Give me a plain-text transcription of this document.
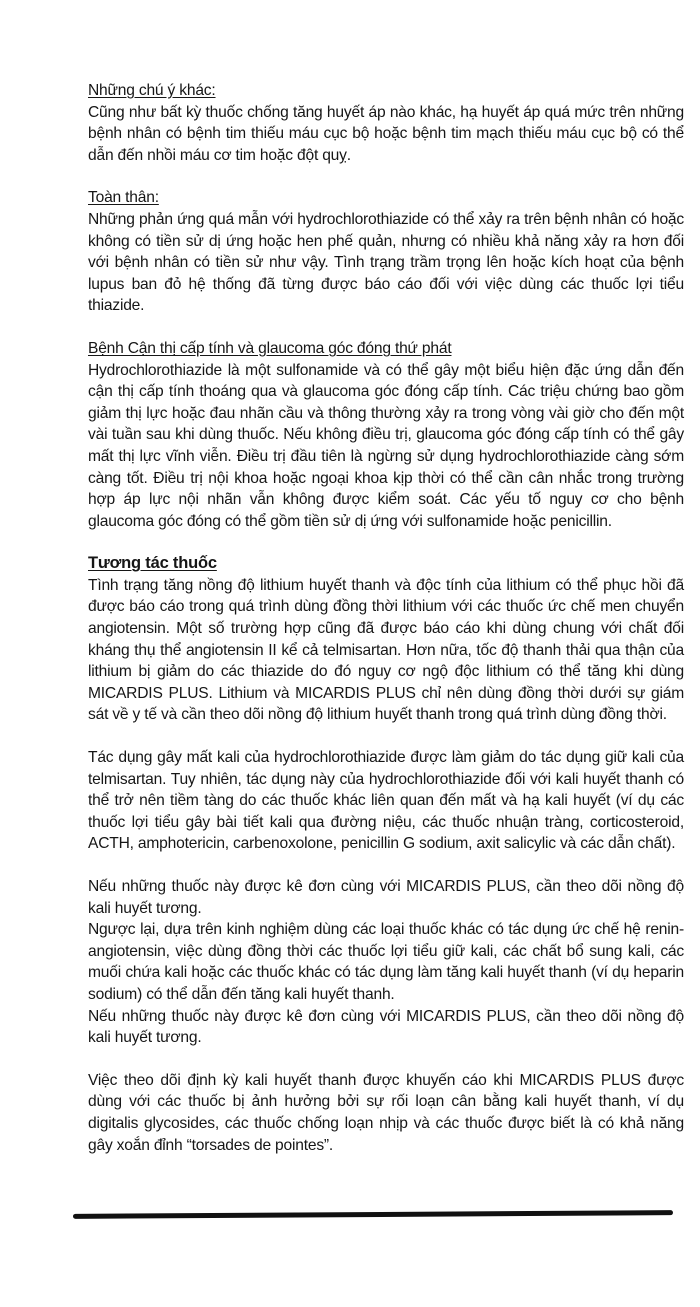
Những chú ý khác:

Cũng như bất kỳ thuốc chống tăng huyết áp nào khác, hạ huyết áp quá mức trên những bệnh nhân có bệnh tim thiếu máu cục bộ hoặc bệnh tim mạch thiếu máu cục bộ có thể dẫn đến nhồi máu cơ tim hoặc đột quỵ.

Toàn thân:

Những phản ứng quá mẫn với hydrochlorothiazide có thể xảy ra trên bệnh nhân có hoặc không có tiền sử dị ứng hoặc hen phế quản, nhưng có nhiều khả năng xảy ra hơn đối với bệnh nhân có tiền sử như vậy. Tình trạng trầm trọng lên hoặc kích hoạt của bệnh lupus ban đỏ hệ thống đã từng được báo cáo đối với việc dùng các thuốc lợi tiểu thiazide.

Bệnh Cận thị cấp tính và glaucoma góc đóng thứ phát

Hydrochlorothiazide là một sulfonamide và có thể gây một biểu hiện đặc ứng dẫn đến cận thị cấp tính thoáng qua và glaucoma góc đóng cấp tính. Các triệu chứng bao gồm giảm thị lực hoặc đau nhãn cầu và thông thường xảy ra trong vòng vài giờ cho đến một vài tuần sau khi dùng thuốc. Nếu không điều trị, glaucoma góc đóng cấp tính có thể gây mất thị lực vĩnh viễn. Điều trị đầu tiên là ngừng sử dụng hydrochlorothiazide càng sớm càng tốt. Điều trị nội khoa hoặc ngoại khoa kịp thời có thể cần cân nhắc trong trường hợp áp lực nội nhãn vẫn không được kiểm soát. Các yếu tố nguy cơ cho bệnh glaucoma góc đóng có thể gồm tiền sử dị ứng với sulfonamide hoặc penicillin.

Tương tác thuốc

Tình trạng tăng nồng độ lithium huyết thanh và độc tính của lithium có thể phục hồi đã được báo cáo trong quá trình dùng đồng thời lithium với các thuốc ức chế men chuyển angiotensin. Một số trường hợp cũng đã được báo cáo khi dùng chung với chất đối kháng thụ thể angiotensin II kể cả telmisartan. Hơn nữa, tốc độ thanh thải qua thận của lithium bị giảm do các thiazide do đó nguy cơ ngộ độc lithium có thể tăng khi dùng MICARDIS PLUS. Lithium và MICARDIS PLUS chỉ nên dùng đồng thời dưới sự giám sát về y tế và cần theo dõi nồng độ lithium huyết thanh trong quá trình dùng đồng thời.

Tác dụng gây mất kali của hydrochlorothiazide được làm giảm do tác dụng giữ kali của telmisartan. Tuy nhiên, tác dụng này của hydrochlorothiazide đối với kali huyết thanh có thể trở nên tiềm tàng do các thuốc khác liên quan đến mất và hạ kali huyết (ví dụ các thuốc lợi tiểu gây bài tiết kali qua đường niệu, các thuốc nhuận tràng, corticosteroid, ACTH, amphotericin, carbenoxolone, penicillin G sodium, axit salicylic và các dẫn chất).

Nếu những thuốc này được kê đơn cùng với MICARDIS PLUS, cần theo dõi nồng độ kali huyết tương.

Ngược lại, dựa trên kinh nghiệm dùng các loại thuốc khác có tác dụng ức chế hệ renin-angiotensin, việc dùng đồng thời các thuốc lợi tiểu giữ kali, các chất bổ sung kali, các muối chứa kali hoặc các thuốc khác có tác dụng làm tăng kali huyết thanh (ví dụ heparin sodium) có thể dẫn đến tăng kali huyết thanh.

Nếu những thuốc này được kê đơn cùng với MICARDIS PLUS, cần theo dõi nồng độ kali huyết tương.

Việc theo dõi định kỳ kali huyết thanh được khuyến cáo khi MICARDIS PLUS được dùng với các thuốc bị ảnh hưởng bởi sự rối loạn cân bằng kali huyết thanh, ví dụ digitalis glycosides, các thuốc chống loạn nhịp và các thuốc được biết là có khả năng gây xoắn đỉnh “torsades de pointes”.
